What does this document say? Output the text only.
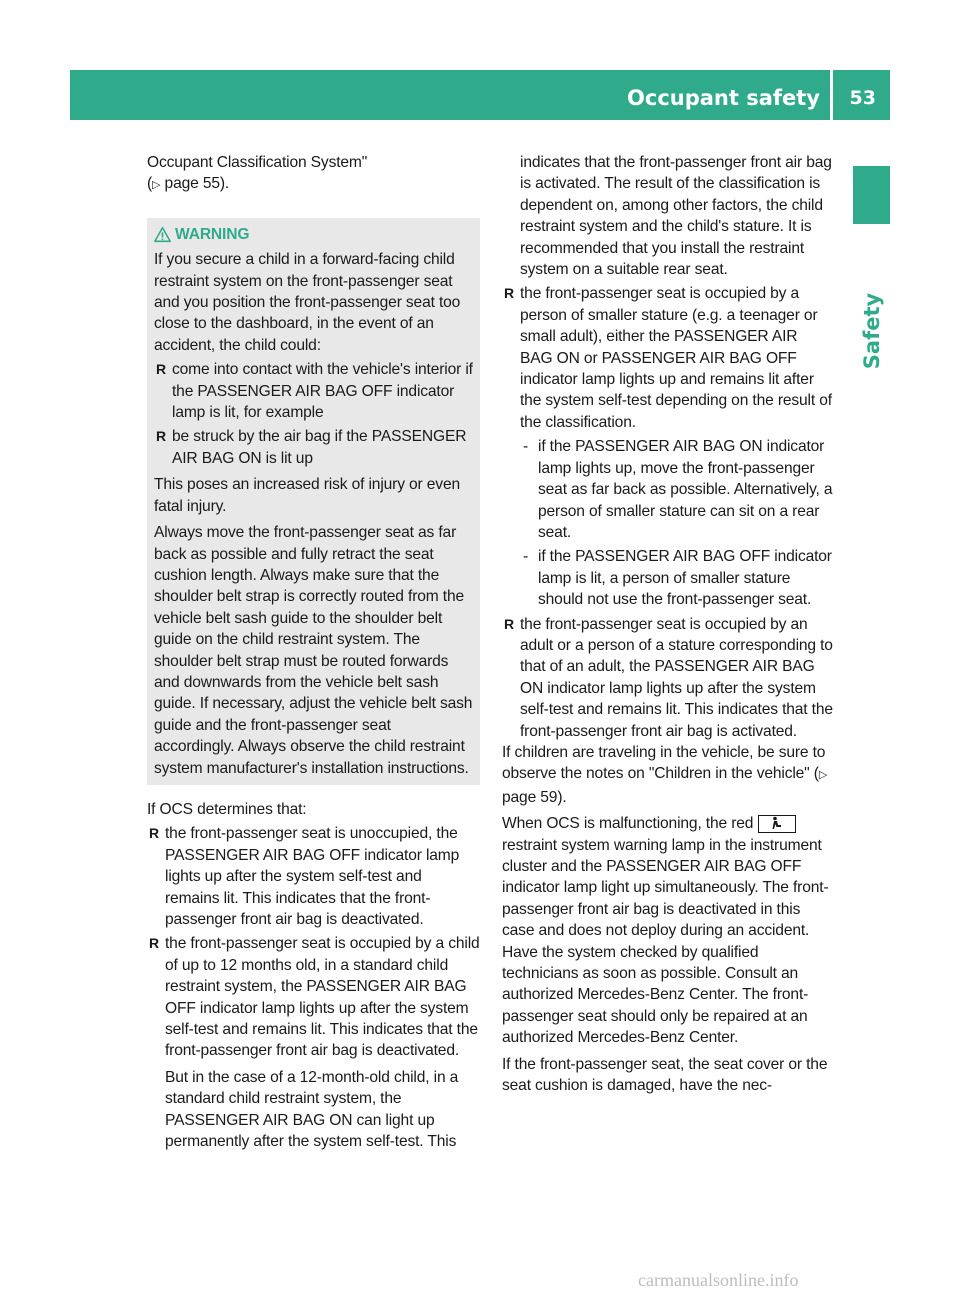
Occupant safety 53
Safety

Occupant Classification System"
(▷ page 55).

WARNING

If you secure a child in a forward-facing child restraint system on the front-passenger seat and you position the front-passenger seat too close to the dashboard, in the event of an accident, the child could:

R come into contact with the vehicle's interior if the PASSENGER AIR BAG OFF indicator lamp is lit, for example
R be struck by the air bag if the PASSENGER AIR BAG ON is lit up

This poses an increased risk of injury or even fatal injury.

Always move the front-passenger seat as far back as possible and fully retract the seat cushion length. Always make sure that the shoulder belt strap is correctly routed from the vehicle belt sash guide to the shoulder belt guide on the child restraint system. The shoulder belt strap must be routed forwards and downwards from the vehicle belt sash guide. If necessary, adjust the vehicle belt sash guide and the front-passenger seat accordingly. Always observe the child restraint system manufacturer's installation instructions.

If OCS determines that:

R the front-passenger seat is unoccupied, the PASSENGER AIR BAG OFF indicator lamp lights up after the system self-test and remains lit. This indicates that the front-passenger front air bag is deactivated.
R the front-passenger seat is occupied by a child of up to 12 months old, in a standard child restraint system, the PASSENGER AIR BAG OFF indicator lamp lights up after the system self-test and remains lit. This indicates that the front-passenger front air bag is deactivated.

But in the case of a 12-month-old child, in a standard child restraint system, the PASSENGER AIR BAG ON can light up permanently after the system self-test. This

indicates that the front-passenger front air bag is activated. The result of the classification is dependent on, among other factors, the child restraint system and the child's stature. It is recommended that you install the restraint system on a suitable rear seat.

R the front-passenger seat is occupied by a person of smaller stature (e.g. a teenager or small adult), either the PASSENGER AIR BAG ON or PASSENGER AIR BAG OFF indicator lamp lights up and remains lit after the system self-test depending on the result of the classification.
- if the PASSENGER AIR BAG ON indicator lamp lights up, move the front-passenger seat as far back as possible. Alternatively, a person of smaller stature can sit on a rear seat.
- if the PASSENGER AIR BAG OFF indicator lamp is lit, a person of smaller stature should not use the front-passenger seat.
R the front-passenger seat is occupied by an adult or a person of a stature corresponding to that of an adult, the PASSENGER AIR BAG ON indicator lamp lights up after the system self-test and remains lit. This indicates that the front-passenger front air bag is activated.

If children are traveling in the vehicle, be sure to observe the notes on "Children in the vehicle" (▷ page 59).

When OCS is malfunctioning, the red
restraint system warning lamp in the instrument cluster and the PASSENGER AIR BAG OFF indicator lamp light up simultaneously. The front-passenger front air bag is deactivated in this case and does not deploy during an accident. Have the system checked by qualified technicians as soon as possible. Consult an authorized Mercedes-Benz Center. The front-passenger seat should only be repaired at an authorized Mercedes-Benz Center.

If the front-passenger seat, the seat cover or the seat cushion is damaged, have the nec-

carmanualsonline.info
